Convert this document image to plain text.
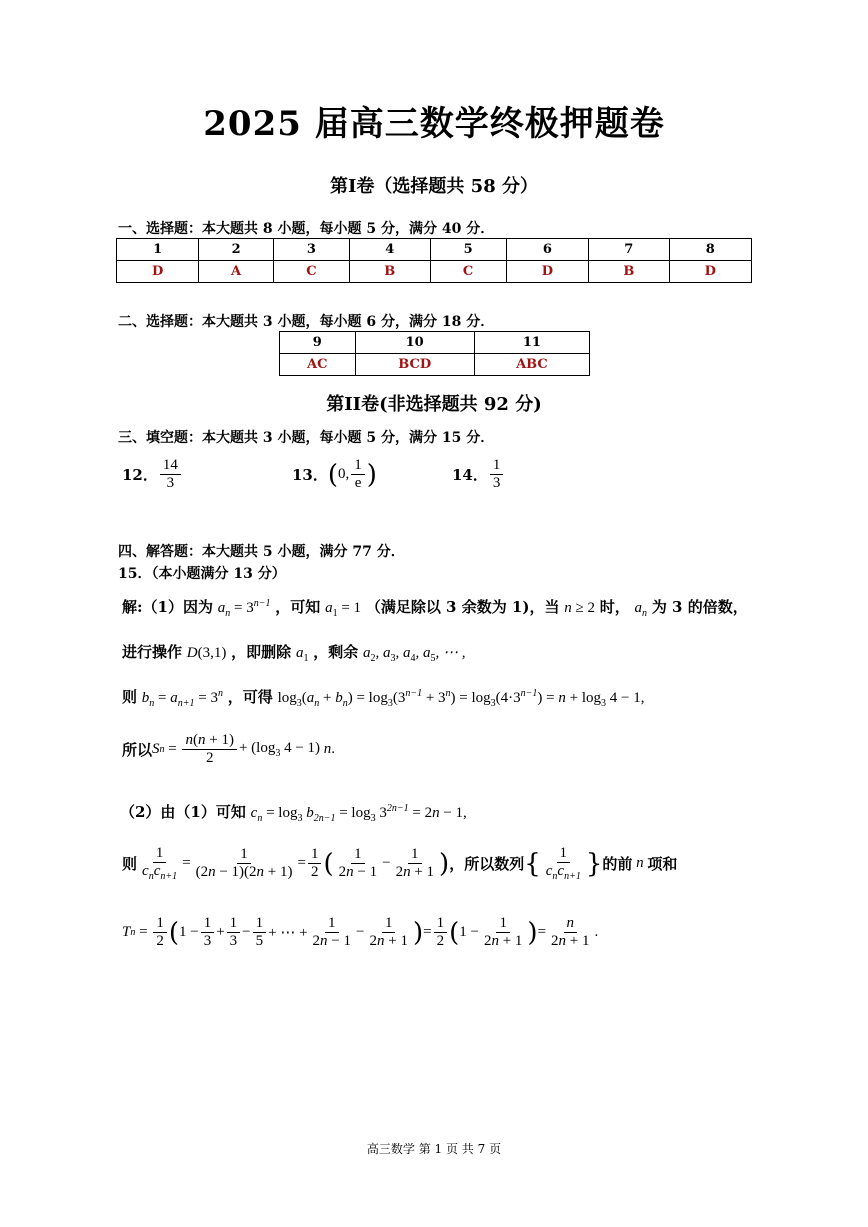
2025 届高三数学终极押题卷
第I卷（选择题共 58 分）
一、选择题：本大题共 8 小题，每小题 5 分，满分 40 分．
1	2	3	4	5	6	7	8
D	A	C	B	C	D	B	D
二、选择题：本大题共 3 小题，每小题 6 分，满分 18 分．
9	10	11
AC	BCD	ABC
第II卷(非选择题共 92 分)
三、填空题：本大题共 3 小题，每小题 5 分，满分 15 分．
12． $\frac{14}{3}$	13． ( 0, $\frac{1}{e}$ )	14． $\frac{1}{3}$
四、解答题：本大题共 5 小题，满分 77 分．
15．（本小题满分 13 分）
解:（1）因为 $a_n = 3^{n-1}$ ，可知 $a_1 = 1$ （满足除以 3 余数为 1)，当 n ≥ 2 时， $a_n$ 为 3 的倍数，
进行操作 D(3,1) ，即删除 $a_1$ ，剩余 $a_2$, $a_3$, $a_4$, $a_5$, ⋯ ,
则 $b_n = a_{n+1} = 3^n$ ，可得 $\log_3(a_n + b_n) = \log_3(3^{n-1} + 3^n) = \log_3(4\cdot 3^{n-1}) = n + \log_3 4 - 1$,
所以 S $n = \frac{n(n + 1)}{2} + (\log_3$ 4 − 1) n .
（2）由（1）可知 $c_n = \log_3 b_{2n-1} = \log_3 3^{2n-1} = 2n - 1$,
则 $\frac{1}{c_nc_{n+1}} = \frac{1}{(2n - 1)(2n + 1)} = \frac{1}{2}$ ( $\frac{1}{2n - 1} - \frac{1}{2n + 1}$ ) ，所以数列 { $\frac{1}{c_nc_{n+1}}$ } 的前 n 项和
T $n = \frac{1}{2}$ ( $1 - \frac{1}{3} + \frac{1}{3} - \frac{1}{5}$ + ⋯ + $\frac{1}{2n - 1} - \frac{1}{2n + 1}$ ) = $\frac{1}{2}$ ( $1 - \frac{1}{2n + 1}$ ) = $\frac{n}{2n + 1}$ .
高三数学 第 1 页 共 7 页
